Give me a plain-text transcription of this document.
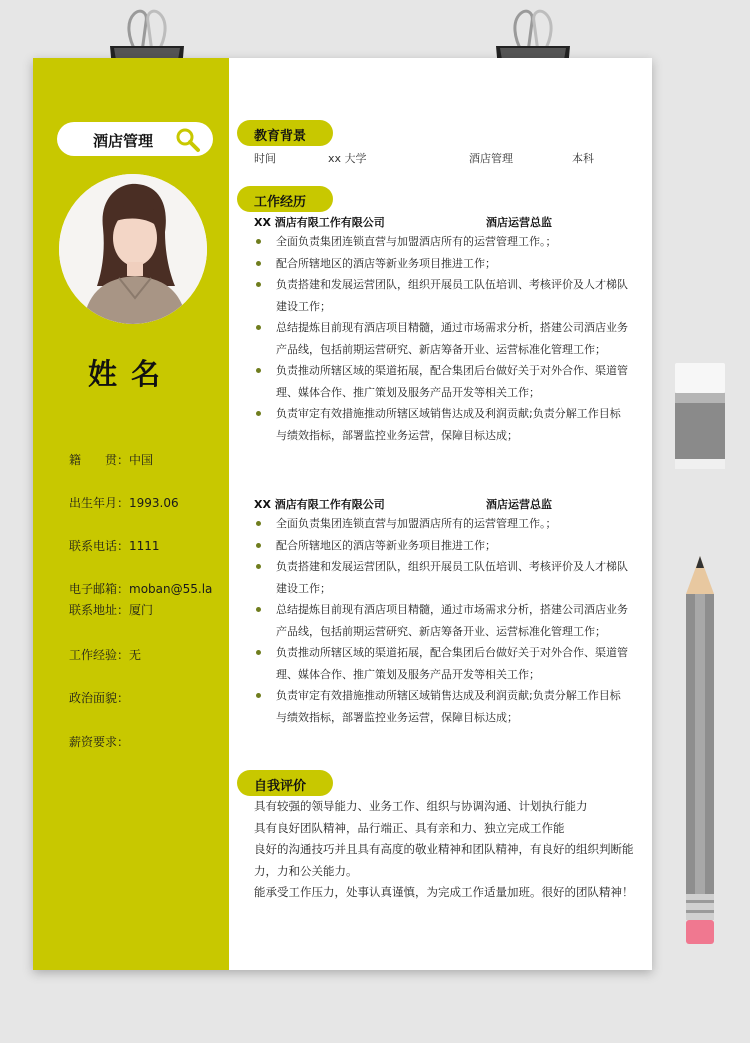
酒店管理
姓名
籍　　贯：中国
出生年月：1993.06
联系电话：1111
电子邮箱：moban@55.la
联系地址：厦门
工作经验：无
政治面貌：
薪资要求：
教育背景
时间	xx 大学	酒店管理	本科
工作经历
XX 酒店有限工作有限公司	酒店运营总监
全面负责集团连锁直营与加盟酒店所有的运营管理工作。；
配合所辖地区的酒店等新业务项目推进工作；
负责搭建和发展运营团队，组织开展员工队伍培训、考核评价及人才梯队建设工作；
总结提炼目前现有酒店项目精髓，通过市场需求分析，搭建公司酒店业务产品线，包括前期运营研究、新店筹备开业、运营标准化管理工作；
负责推动所辖区域的渠道拓展，配合集团后台做好关于对外合作、渠道管理、媒体合作、推广策划及服务产品开发等相关工作；
负责审定有效措施推动所辖区域销售达成及利润贡献;负责分解工作目标与绩效指标，部署监控业务运营，保障目标达成；
XX 酒店有限工作有限公司	酒店运营总监
全面负责集团连锁直营与加盟酒店所有的运营管理工作。；
配合所辖地区的酒店等新业务项目推进工作；
负责搭建和发展运营团队，组织开展员工队伍培训、考核评价及人才梯队建设工作；
总结提炼目前现有酒店项目精髓，通过市场需求分析，搭建公司酒店业务产品线，包括前期运营研究、新店筹备开业、运营标准化管理工作；
负责推动所辖区域的渠道拓展，配合集团后台做好关于对外合作、渠道管理、媒体合作、推广策划及服务产品开发等相关工作；
负责审定有效措施推动所辖区域销售达成及利润贡献;负责分解工作目标与绩效指标，部署监控业务运营，保障目标达成；
自我评价

具有较强的领导能力、业务工作、组织与协调沟通、计划执行能力

具有良好团队精神，品行端正、具有亲和力、独立完成工作能

良好的沟通技巧并且具有高度的敬业精神和团队精神，有良好的组织判断能力，力和公关能力。

能承受工作压力，处事认真谨慎，为完成工作适量加班。很好的团队精神！
